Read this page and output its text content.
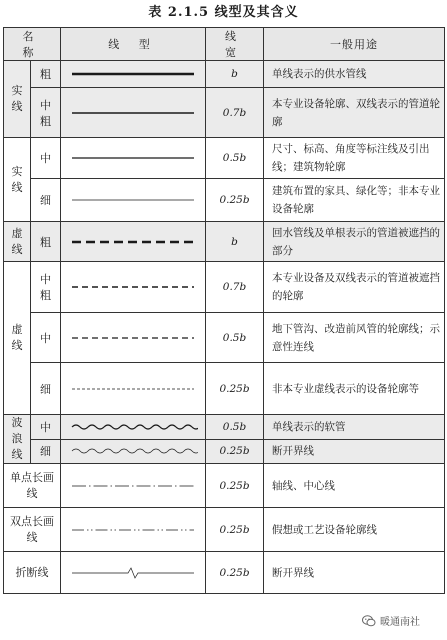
表 2.1.5 线型及其含义
名 称		线 型	线 宽	一般用途
实线	粗		b	单线表示的供水管线
	中粗		0.7b	本专业设备轮廓、双线表示的管道轮廓
实线	中		0.5b	尺寸、标高、角度等标注线及引出线；建筑物轮廓
	细		0.25b	建筑布置的家具、绿化等；非本专业设备轮廓
虚线	粗		b	回水管线及单根表示的管道被遮挡的部分
虚线	中粗		0.7b	本专业设备及双线表示的管道被遮挡的轮廓
	中		0.5b	地下管沟、改造前风管的轮廓线；示意性连线
	细		0.25b	非本专业虚线表示的设备轮廓等
波浪线	中		0.5b	单线表示的软管
	细		0.25b	断开界线
单点长画线			0.25b	轴线、中心线
双点长画线			0.25b	假想或工艺设备轮廓线
折断线			0.25b	断开界线
暖通南社
